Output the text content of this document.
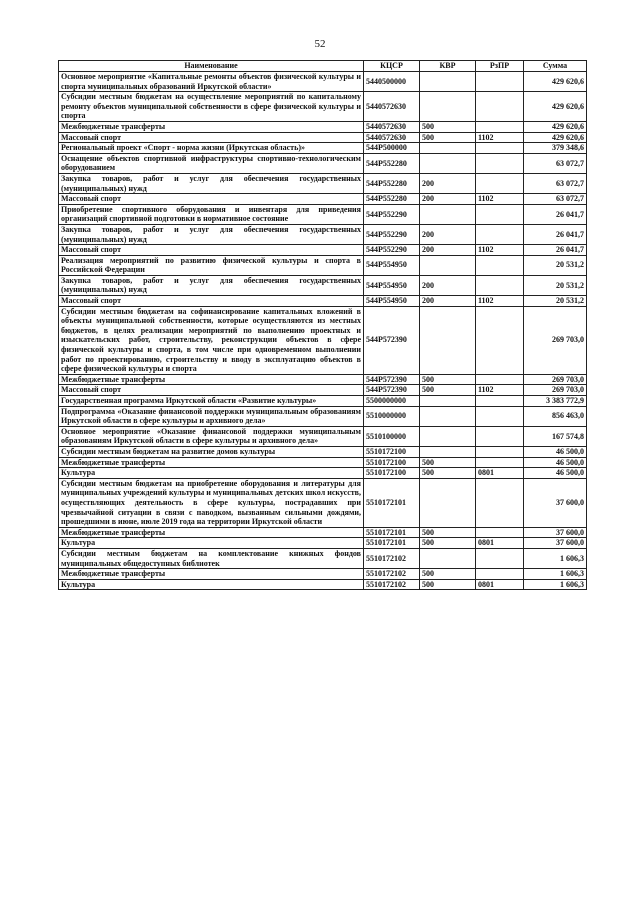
52
Наименование	КЦСР	КВР	РзПР	Сумма
Основное мероприятие «Капитальные ремонты объектов физической культуры и спорта муниципальных образований Иркутской области»	5440500000			429 620,6
Субсидии местным бюджетам на осуществление мероприятий по капитальному ремонту объектов муниципальной собственности в сфере физической культуры и спорта	5440572630			429 620,6
Межбюджетные трансферты	5440572630	500		429 620,6
Массовый спорт	5440572630	500	1102	429 620,6
Региональный проект «Спорт - норма жизни (Иркутская область)»	544P500000			379 348,6
Оснащение объектов спортивной инфраструктуры спортивно-технологическим оборудованием	544P552280			63 072,7
Закупка товаров, работ и услуг для обеспечения государственных (муниципальных) нужд	544P552280	200		63 072,7
Массовый спорт	544P552280	200	1102	63 072,7
Приобретение спортивного оборудования и инвентаря для приведения организаций спортивной подготовки в нормативное состояние	544P552290			26 041,7
Закупка товаров, работ и услуг для обеспечения государственных (муниципальных) нужд	544P552290	200		26 041,7
Массовый спорт	544P552290	200	1102	26 041,7
Реализация мероприятий по развитию физической культуры и спорта в Российской Федерации	544P554950			20 531,2
Закупка товаров, работ и услуг для обеспечения государственных (муниципальных) нужд	544P554950	200		20 531,2
Массовый спорт	544P554950	200	1102	20 531,2
Субсидии местным бюджетам на софинансирование капитальных вложений в объекты муниципальной собственности, которые осуществляются из местных бюджетов, в целях реализации мероприятий по выполнению проектных и изыскательских работ, строительству, реконструкции объектов в сфере физической культуры и спорта, в том числе при одновременном выполнении работ по проектированию, строительству и вводу в эксплуатацию объектов в сфере физической культуры и спорта	544P572390			269 703,0
Межбюджетные трансферты	544P572390	500		269 703,0
Массовый спорт	544P572390	500	1102	269 703,0
Государственная программа Иркутской области «Развитие культуры»	5500000000			3 383 772,9
Подпрограмма «Оказание финансовой поддержки муниципальным образованиям Иркутской области в сфере культуры и архивного дела»	5510000000			856 463,0
Основное мероприятие «Оказание финансовой поддержки муниципальным образованиям Иркутской области в сфере культуры и архивного дела»	5510100000			167 574,8
Субсидии местным бюджетам на развитие домов культуры	5510172100			46 500,0
Межбюджетные трансферты	5510172100	500		46 500,0
Культура	5510172100	500	0801	46 500,0
Субсидии местным бюджетам на приобретение оборудования и литературы для муниципальных учреждений культуры и муниципальных детских школ искусств, осуществляющих деятельность в сфере культуры, пострадавших при чрезвычайной ситуации в связи с паводком, вызванным сильными дождями, прошедшими в июне, июле 2019 года на территории Иркутской области	5510172101			37 600,0
Межбюджетные трансферты	5510172101	500		37 600,0
Культура	5510172101	500	0801	37 600,0
Субсидии местным бюджетам на комплектование книжных фондов муниципальных общедоступных библиотек	5510172102			1 606,3
Межбюджетные трансферты	5510172102	500		1 606,3
Культура	5510172102	500	0801	1 606,3
